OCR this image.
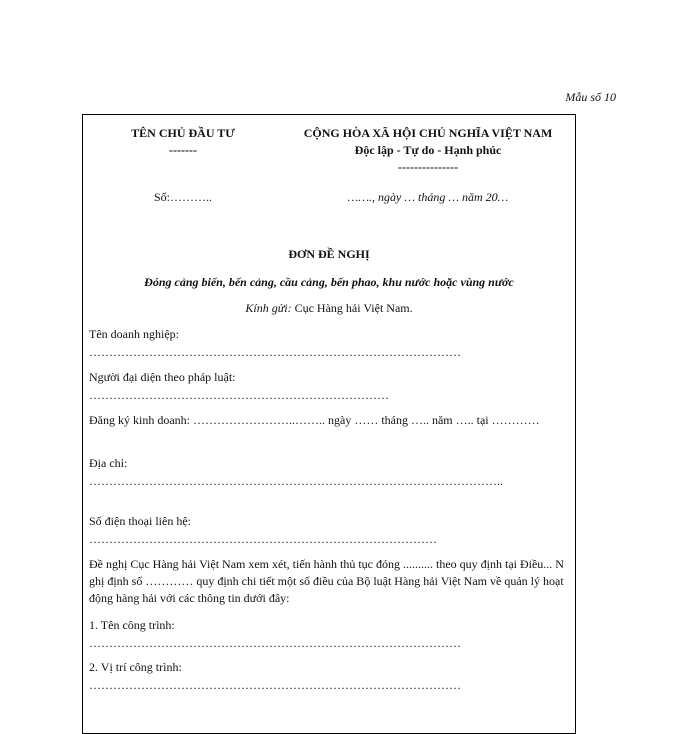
Mẫu số 10
TÊN CHỦ ĐẦU TƯ
-------
CỘNG HÒA XÃ HỘI CHỦ NGHĨA VIỆT NAM
Độc lập - Tự do - Hạnh phúc
---------------
Số:………..	……., ngày … tháng … năm 20…
ĐƠN ĐỀ NGHỊ
Đóng cảng biển, bến cảng, cầu cảng, bến phao, khu nước hoặc vùng nước
Kính gửi: Cục Hàng hải Việt Nam.
Tên doanh nghiệp:
…………………………………………………………………………………
Người đại diện theo pháp luật:
…………………………………………………………………
Đăng ký kinh doanh: ……………………..…….. ngày …… tháng ….. năm ….. tại …………
Địa chỉ:
…………………………………………………………………………………………..
Số điện thoại liên hệ:
……………………………………………………………………………
Đề nghị Cục Hàng hải Việt Nam xem xét, tiến hành thủ tục đóng .......... theo quy định tại Điều... Nghị định số ………… quy định chi tiết một số điều của Bộ luật Hàng hải Việt Nam về quản lý hoạt động hàng hải với các thông tin dưới đây:
1. Tên công trình:
…………………………………………………………………………………
2. Vị trí công trình:
…………………………………………………………………………………
